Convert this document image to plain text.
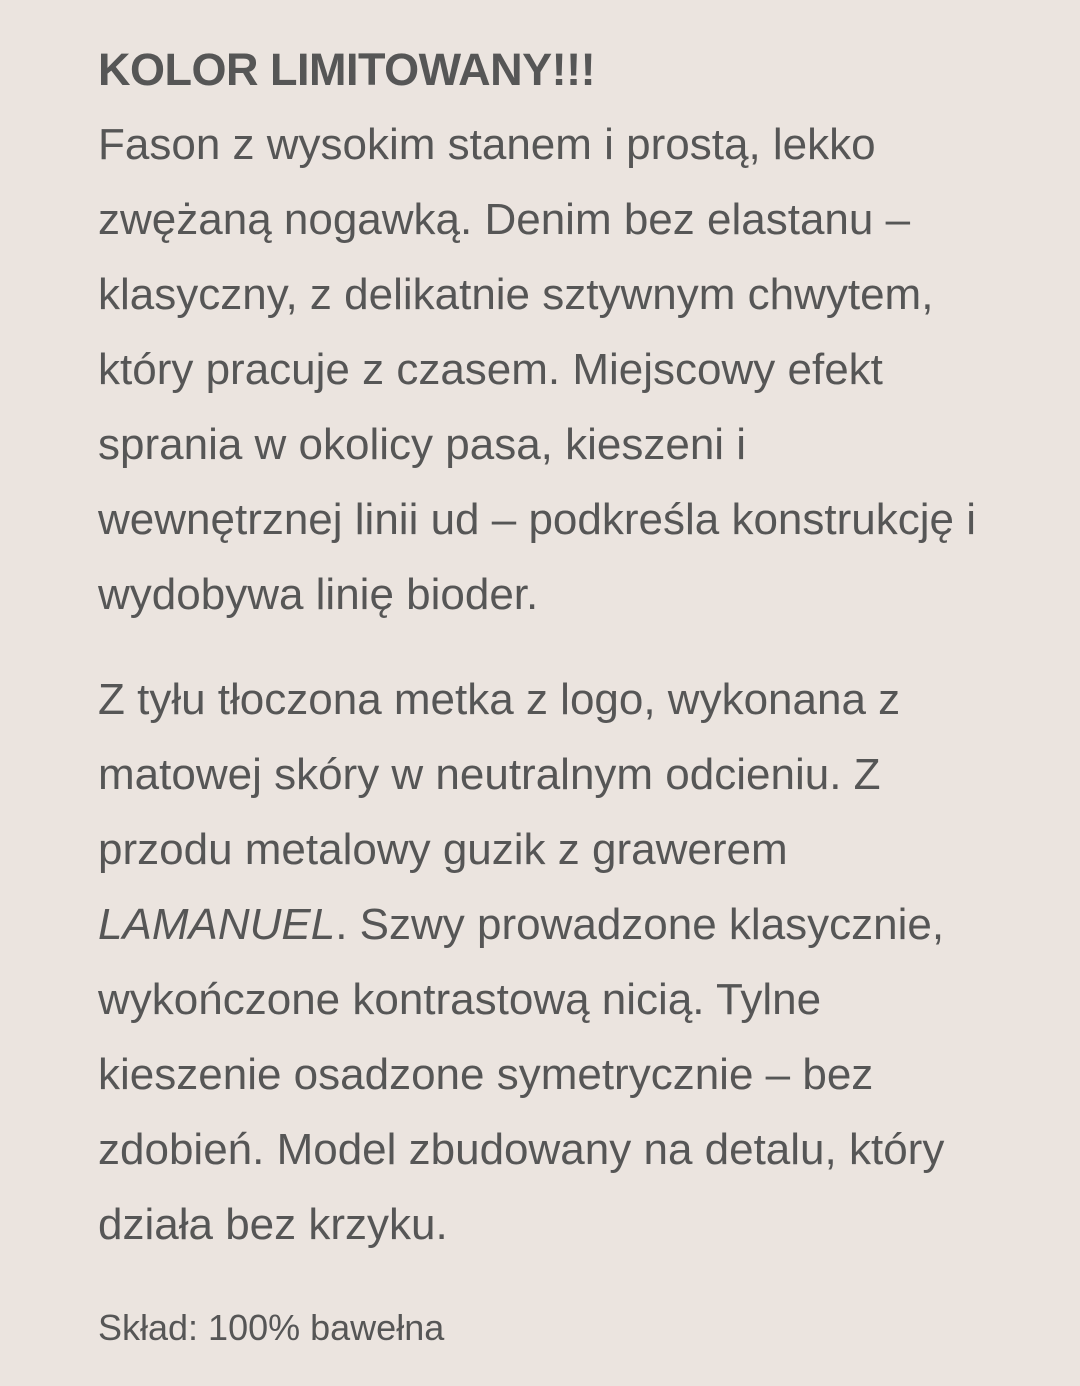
KOLOR LIMITOWANY!!!

Fason z wysokim stanem i prostą, lekko zwężaną nogawką. Denim bez elastanu – klasyczny, z delikatnie sztywnym chwytem, który pracuje z czasem. Miejscowy efekt sprania w okolicy pasa, kieszeni i wewnętrznej linii ud – podkreśla konstrukcję i wydobywa linię bioder.

Z tyłu tłoczona metka z logo, wykonana z matowej skóry w neutralnym odcieniu. Z przodu metalowy guzik z grawerem LAMANUEL. Szwy prowadzone klasycznie, wykończone kontrastową nicią. Tylne kieszenie osadzone symetrycznie – bez zdobień. Model zbudowany na detalu, który działa bez krzyku.

Skład: 100% bawełna
